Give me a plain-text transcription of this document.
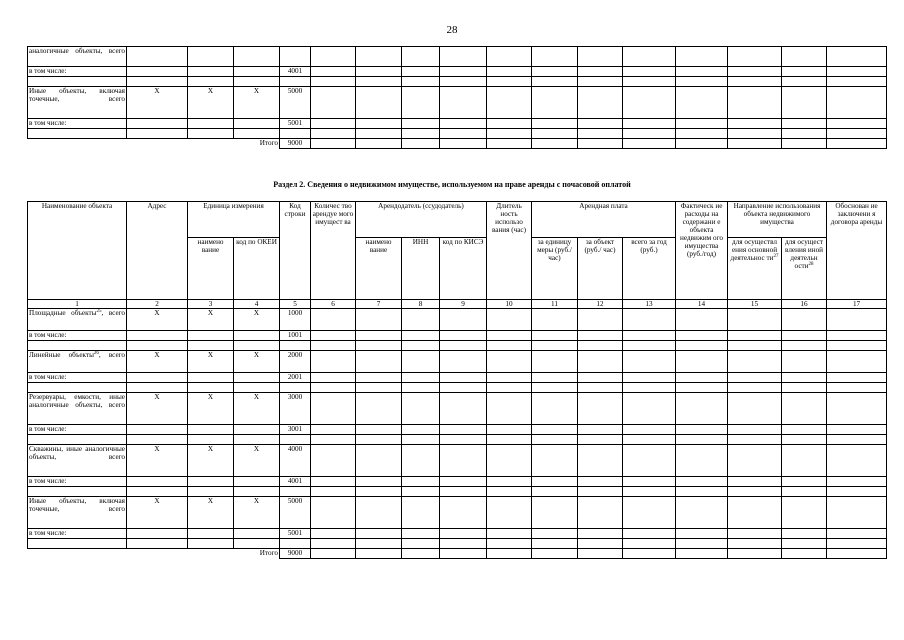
28
аналогичные объекты, всего																
в том числе:				4001												

Иные объекты, включая точечные, всего	X	X	X	5000												
в том числе:				5001												

Итого				9000												
Раздел 2. Сведения о недвижимом имуществе, используемом на праве аренды с почасовой оплатой
Наименование объекта	Адрес	Единица измерения		Код строки	Количес тво арендуе мого имущест ва	Арендодатель (ссудодатель)			Длитель ность использо вания (час)	Арендная плата			Фактическ ие расходы на содержани е объекта недвижим ого имущества (руб./год)	Направление использования объекта недвижимого имущества		Обоснован ие заключени я договора аренды
		наимено вание	код по ОКЕИ			наимено вание	ИНН	код по КИСЭ		за единицу меры (руб./ час)	за объект (руб./ час)	всего за год (руб.)		для осуществл ения основной деятельнос $ти^{27}$	для осущест вления иной деятельн ости$^{28}$
1	2	3	4	5	6	7	8	9	10	11	12	13	14	15	16	17
Площадные объекты$^{25}$, всего	X	X	X	1000												
в том числе:				1001												

Линейные объекты$^{26}$, всего	X	X	X	2000												
в том числе:				2001												

Резервуары, емкости, иные аналогичные объекты, всего	X	X	X	3000												
в том числе:				3001												

Скважины, иные аналогичные объекты, всего	X	X	X	4000												
в том числе:				4001												

Иные объекты, включая точечные, всего	X	X	X	5000												
в том числе:				5001												

Итого				9000												
